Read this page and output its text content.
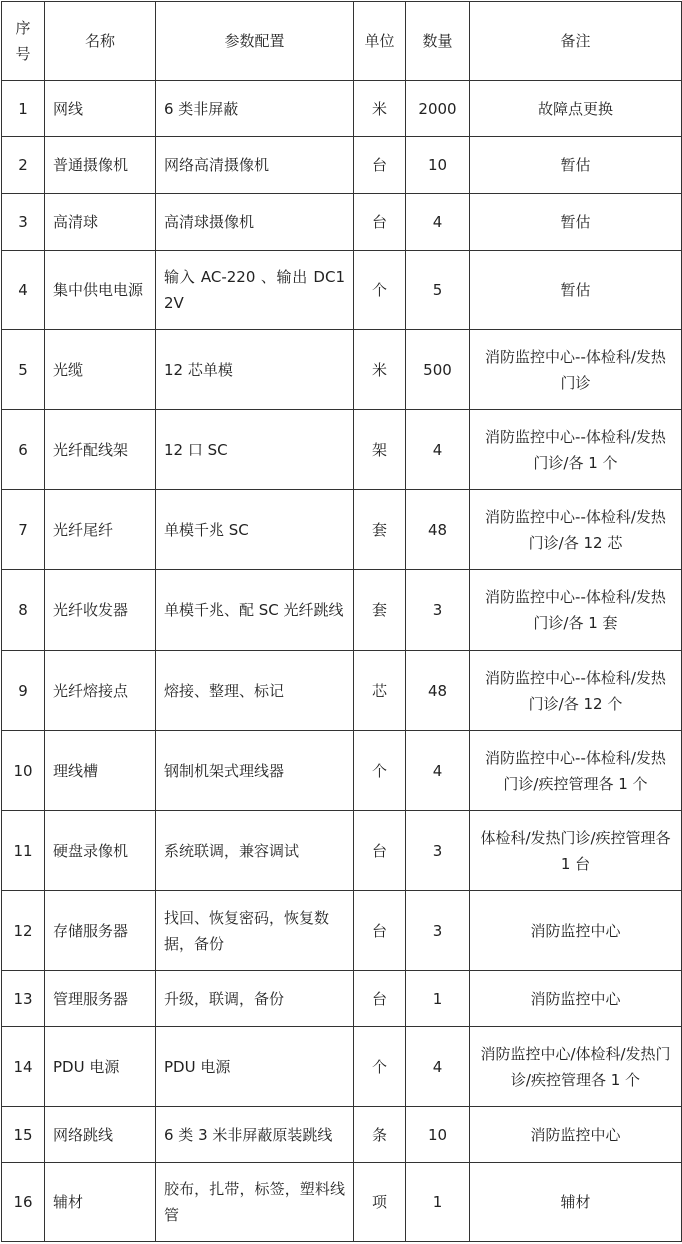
序号	名称	参数配置	单位	数量	备注
1	网线	6 类非屏蔽	米	2000	故障点更换
2	普通摄像机	网络高清摄像机	台	10	暂估
3	高清球	高清球摄像机	台	4	暂估
4	集中供电电源	输入 AC-220 、输出 DC12V	个	5	暂估
5	光缆	12 芯单模	米	500	消防监控中心--体检科/发热门诊
6	光纤配线架	12 口 SC	架	4	消防监控中心--体检科/发热门诊/各 1 个
7	光纤尾纤	单模千兆 SC	套	48	消防监控中心--体检科/发热门诊/各 12 芯
8	光纤收发器	单模千兆、配 SC 光纤跳线	套	3	消防监控中心--体检科/发热门诊/各 1 套
9	光纤熔接点	熔接、整理、标记	芯	48	消防监控中心--体检科/发热门诊/各 12 个
10	理线槽	钢制机架式理线器	个	4	消防监控中心--体检科/发热门诊/疾控管理各 1 个
11	硬盘录像机	系统联调，兼容调试	台	3	体检科/发热门诊/疾控管理各 1 台
12	存储服务器	找回、恢复密码，恢复数据，备份	台	3	消防监控中心
13	管理服务器	升级，联调，备份	台	1	消防监控中心
14	PDU 电源	PDU 电源	个	4	消防监控中心/体检科/发热门诊/疾控管理各 1 个
15	网络跳线	6 类 3 米非屏蔽原装跳线	条	10	消防监控中心
16	辅材	胶布，扎带，标签，塑料线管	项	1	辅材
